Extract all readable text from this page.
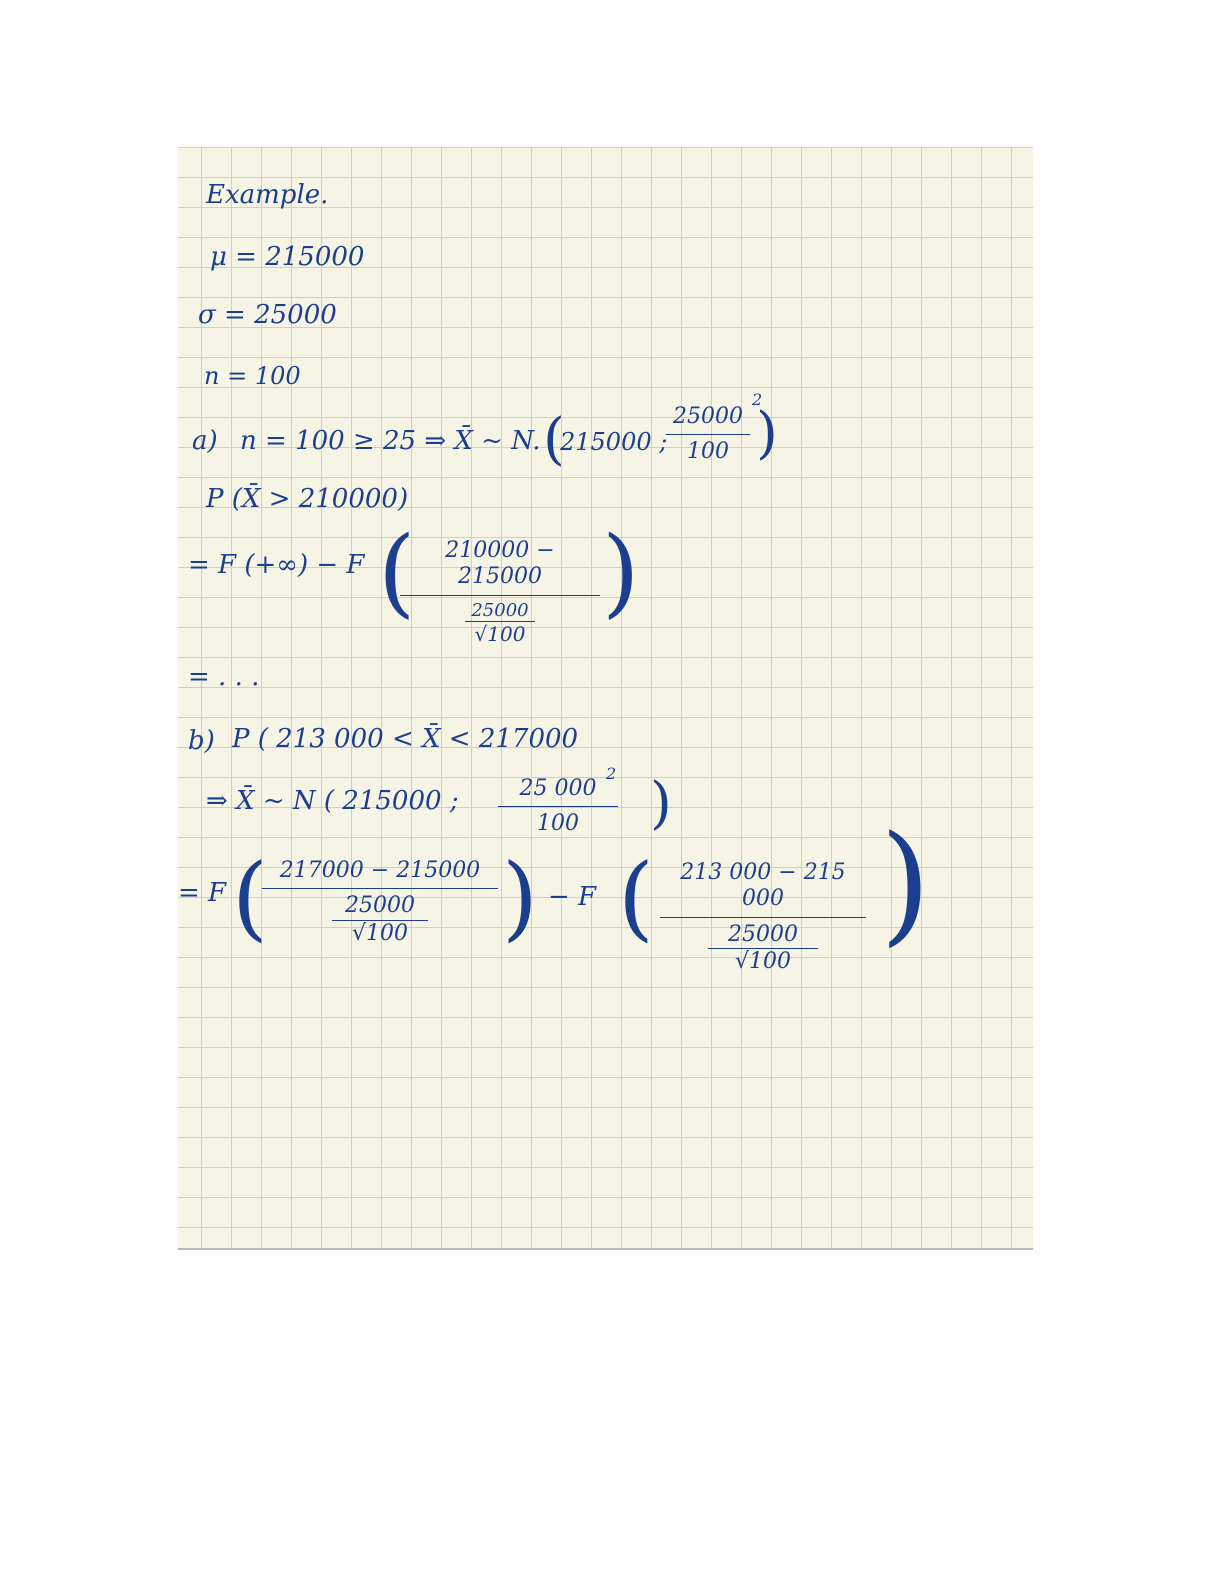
Example.
μ = 215000
σ = 25000
n = 100
a) n = 100 ≥ 25 ⇒ X̄ ~ N. (
215000 ;
25000
100
2
)
P (X̄ > 210000)
= F (+∞) − F (	210000 − 215000
25000
√100
)
= . . .
b) P ( 213 000 < X̄ < 217000
⇒ X̄ ~ N ( 215000 ;	25 000
100
2 )
= F ( 217000 − 215000
25000
√100	) − F (	213 000 − 215 000
25000
√100
)
